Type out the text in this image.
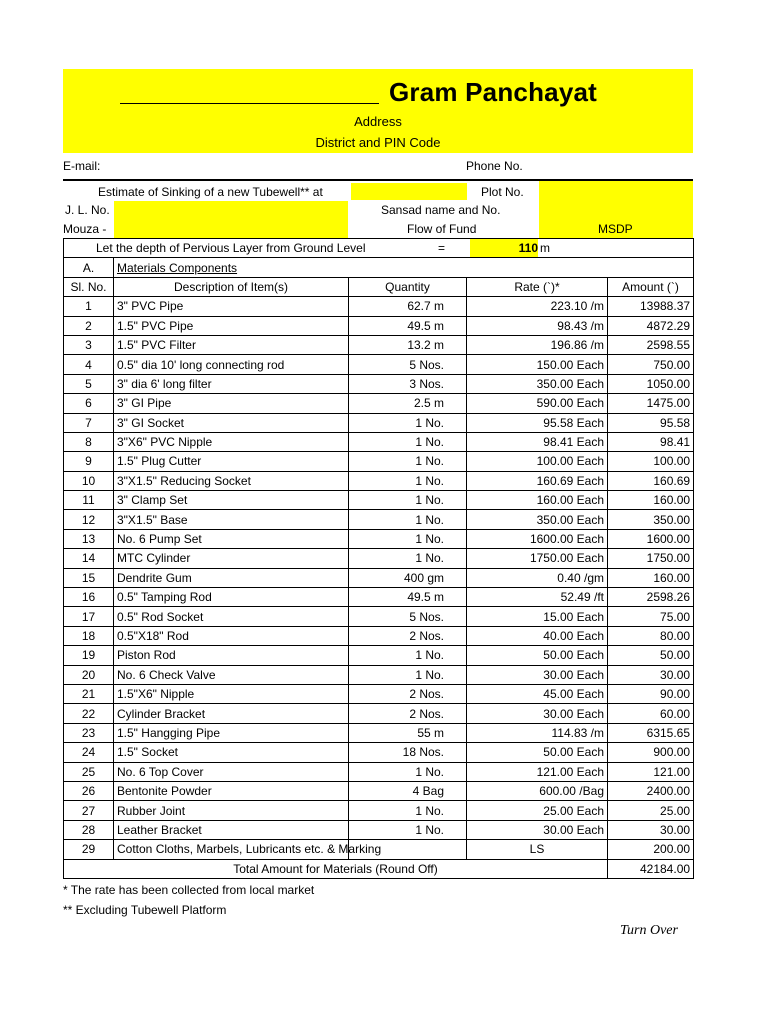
Gram Panchayat
Address
District and PIN Code
E-mail:	Phone No.
Estimate of Sinking of a new Tubewell** at	Plot No.
J. L. No.	Sansad name and No.
Mouza -	Flow of Fund	MSDP
Let the depth of Pervious Layer from Ground Level = 110 m				

A.	Materials Components			
Sl. No.	Description of Item(s)	Quantity	Rate (`)*	Amount (`)
1	3" PVC Pipe	62.7 m	223.10 /m	13988.37
2	1.5" PVC Pipe	49.5 m	98.43 /m	4872.29
3	1.5" PVC Filter	13.2 m	196.86 /m	2598.55
4	0.5" dia 10' long connecting rod	5 Nos.	150.00 Each	750.00
5	3" dia 6' long filter	3 Nos.	350.00 Each	1050.00
6	3" GI Pipe	2.5 m	590.00 Each	1475.00
7	3" GI Socket	1 No.	95.58 Each	95.58
8	3"X6" PVC Nipple	1 No.	98.41 Each	98.41
9	1.5" Plug Cutter	1 No.	100.00 Each	100.00
10	3"X1.5" Reducing Socket	1 No.	160.69 Each	160.69
11	3" Clamp Set	1 No.	160.00 Each	160.00
12	3"X1.5" Base	1 No.	350.00 Each	350.00
13	No. 6 Pump Set	1 No.	1600.00 Each	1600.00
14	MTC Cylinder	1 No.	1750.00 Each	1750.00
15	Dendrite Gum	400 gm	0.40 /gm	160.00
16	0.5" Tamping Rod	49.5 m	52.49 /ft	2598.26
17	0.5" Rod Socket	5 Nos.	15.00 Each	75.00
18	0.5"X18" Rod	2 Nos.	40.00 Each	80.00
19	Piston Rod	1 No.	50.00 Each	50.00
20	No. 6 Check Valve	1 No.	30.00 Each	30.00
21	1.5"X6" Nipple	2 Nos.	45.00 Each	90.00
22	Cylinder Bracket	2 Nos.	30.00 Each	60.00
23	1.5" Hangging Pipe	55 m	114.83 /m	6315.65
24	1.5" Socket	18 Nos.	50.00 Each	900.00
25	No. 6 Top Cover	1 No.	121.00 Each	121.00
26	Bentonite Powder	4 Bag	600.00 /Bag	2400.00
27	Rubber Joint	1 No.	25.00 Each	25.00
28	Leather Bracket	1 No.	30.00 Each	30.00
29	Cotton Cloths, Marbels, Lubricants etc. & Marking		LS	200.00
Total Amount for Materials (Round Off)				42184.00
* The rate has been collected from local market
** Excluding Tubewell Platform
Turn Over
